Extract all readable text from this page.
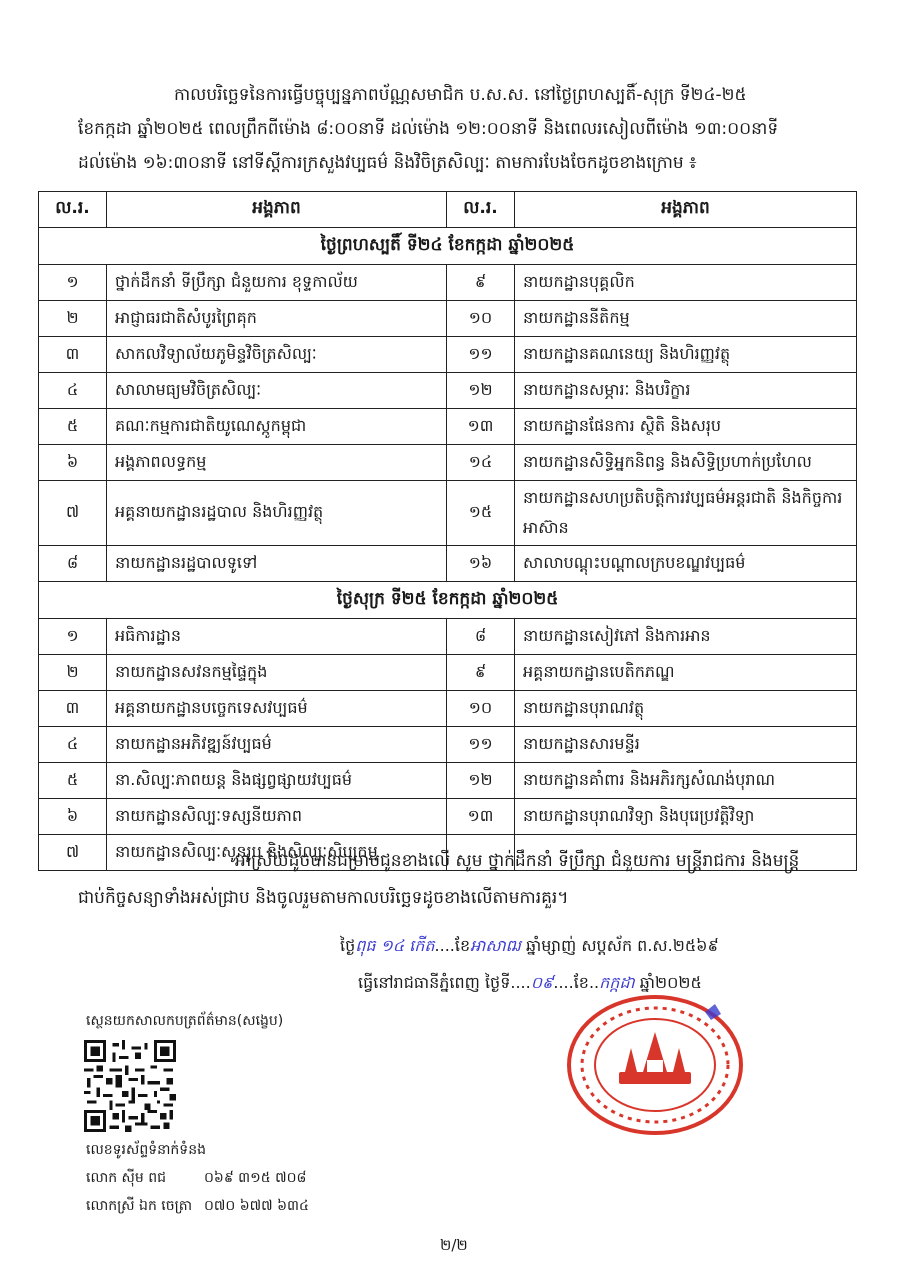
កាលបរិច្ឆេទនៃការធ្វើបច្ចុប្បន្នភាពប័ណ្ណសមាជិក ប.ស.ស. នៅថ្ងៃព្រហស្បតិ៍-សុក្រ ទី២៤-២៥
ខែកក្កដា ឆ្នាំ២០២៥ ពេលព្រឹកពីម៉ោង ៨:០០នាទី ដល់ម៉ោង ១២:០០នាទី និងពេលរសៀលពីម៉ោង ១៣:០០នាទី
ដល់ម៉ោង ១៦:៣០នាទី នៅទីស្តីការក្រសួងវប្បធម៌ និងវិចិត្រសិល្បៈ តាមការបែងចែកដូចខាងក្រោម ៖
ល.រ.	អង្គភាព	ល.រ.	អង្គភាព
ថ្ងៃព្រហស្បតិ៍ ទី២៤ ខែកក្កដា ឆ្នាំ២០២៥			
១	ថ្នាក់ដឹកនាំ ទីប្រឹក្សា ជំនួយការ ខុទ្ទកាល័យ	៩	នាយកដ្ឋានបុគ្គលិក
២	អាជ្ញាធរជាតិសំបូរព្រៃគុក	១០	នាយកដ្ឋាននីតិកម្ម
៣	សាកលវិទ្យាល័យភូមិន្ទវិចិត្រសិល្បៈ	១១	នាយកដ្ឋានគណនេយ្យ និងហិរញ្ញវត្ថុ
៤	សាលាមធ្យមវិចិត្រសិល្បៈ	១២	នាយកដ្ឋានសម្ភារៈ និងបរិក្ខារ
៥	គណៈកម្មការជាតិយូណេស្កូកម្ពុជា	១៣	នាយកដ្ឋានផែនការ ស្ថិតិ និងសរុប
៦	អង្គភាពលទ្ធកម្ម	១៤	នាយកដ្ឋានសិទ្ធិអ្នកនិពន្ធ និងសិទ្ធិប្រហាក់ប្រហែល
៧	អគ្គនាយកដ្ឋានរដ្ឋបាល និងហិរញ្ញវត្ថុ	១៥	នាយកដ្ឋានសហប្រតិបត្តិការវប្បធម៌អន្តរជាតិ និងកិច្ចការអាស៊ាន
៨	នាយកដ្ឋានរដ្ឋបាលទូទៅ	១៦	សាលាបណ្តុះបណ្តាលក្របខណ្ឌវប្បធម៌
ថ្ងៃសុក្រ ទី២៥ ខែកក្កដា ឆ្នាំ២០២៥			
១	អធិការដ្ឋាន	៨	នាយកដ្ឋានសៀវភៅ និងការអាន
២	នាយកដ្ឋានសវនកម្មផ្ទៃក្នុង	៩	អគ្គនាយកដ្ឋានបេតិកភណ្ឌ
៣	អគ្គនាយកដ្ឋានបច្ចេកទេសវប្បធម៌	១០	នាយកដ្ឋានបុរាណវត្ថុ
៤	នាយកដ្ឋានអភិវឌ្ឍន៍វប្បធម៌	១១	នាយកដ្ឋានសារមន្ទីរ
៥	នា.សិល្បៈភាពយន្ត និងផ្សព្វផ្សាយវប្បធម៌	១២	នាយកដ្ឋានគាំពារ និងអភិរក្សសំណង់បុរាណ
៦	នាយកដ្ឋានសិល្បៈទស្សនីយភាព	១៣	នាយកដ្ឋានបុរាណវិទ្យា និងបុរេប្រវត្តិវិទ្យា
៧	នាយកដ្ឋានសិល្បៈសូនរូប និងសិល្បៈសិប្បកម្ម		
អាស្រ័យដូចបានជម្រាបជូនខាងលើ សូម ថ្នាក់ដឹកនាំ ទីប្រឹក្សា ជំនួយការ មន្ត្រីរាជការ និងមន្ត្រី
ជាប់កិច្ចសន្យាទាំងអស់ជ្រាប និងចូលរួមតាមកាលបរិច្ឆេទដូចខាងលើតាមការគួរ។
ថ្ងៃពុធ ១៤ កើត....ខែអាសាឍ ឆ្នាំម្សាញ់ សប្តស័ក ព.ស.២៥៦៩
ធ្វើនៅរាជធានីភ្នំពេញ ថ្ងៃទី....០៩....ខែ..កក្កដា ឆ្នាំ២០២៥
ស្ថេនយកសាលកបត្រព័ត៌មាន(សង្ខេប)
លេខទូរស័ព្ទទំនាក់ទំនង
លោក ស៊ីម ពជ	០៦៩ ៣១៥ ៧០៨
លោកស្រី ឯក ចេត្រា ០៧០ ៦៧៧ ៦៣៤
២/២
